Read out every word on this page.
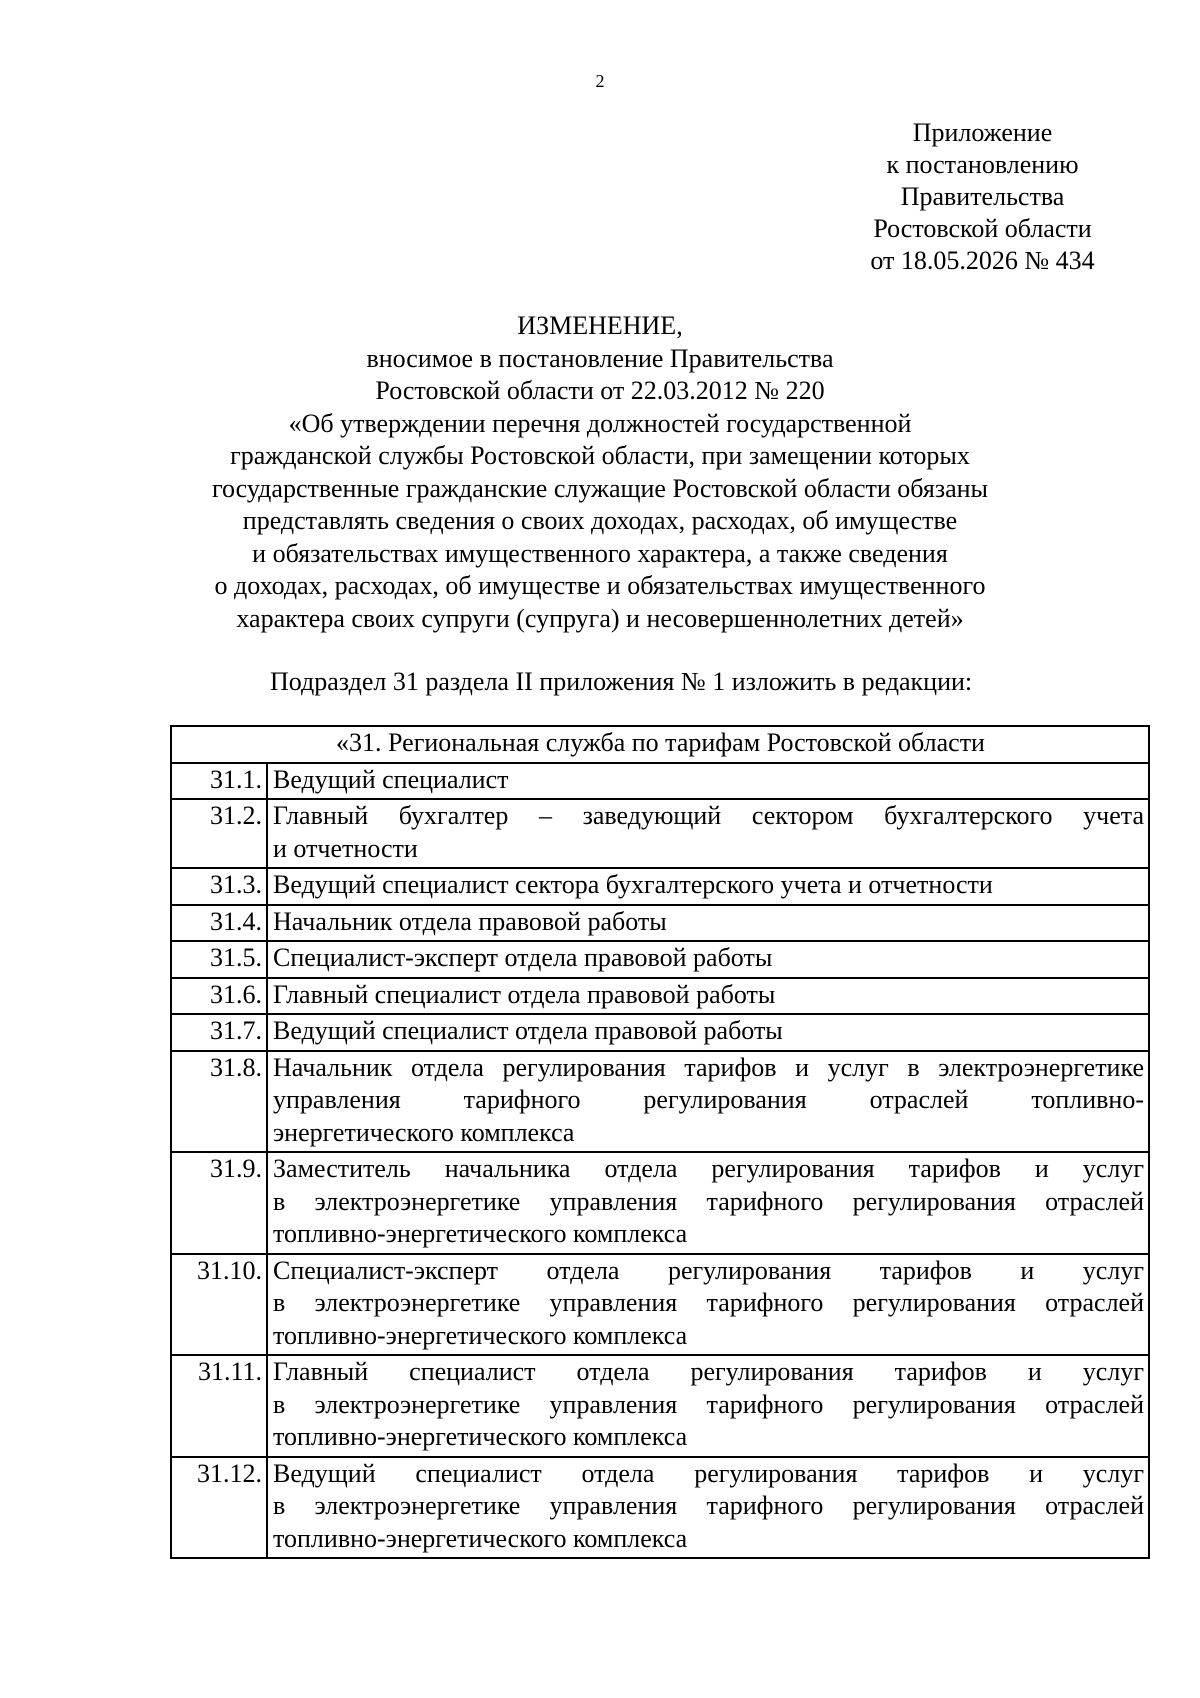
2
Приложение
к постановлению
Правительства
Ростовской области
от 18.05.2026 № 434
ИЗМЕНЕНИЕ,
вносимое в постановление Правительства
Ростовской области от 22.03.2012 № 220
«Об утверждении перечня должностей государственной
гражданской службы Ростовской области, при замещении которых
государственные гражданские служащие Ростовской области обязаны
представлять сведения о своих доходах, расходах, об имуществе
и обязательствах имущественного характера, а также сведения
о доходах, расходах, об имуществе и обязательствах имущественного
характера своих супруги (супруга) и несовершеннолетних детей»
Подраздел 31 раздела II приложения № 1 изложить в редакции:
«31. Региональная служба по тарифам Ростовской области	
31.1.	Ведущий специалист

31.2.	Главный бухгалтер – заведующий сектором бухгалтерского учета
и отчетности

31.3.	Ведущий специалист сектора бухгалтерского учета и отчетности

31.4.	Начальник отдела правовой работы

31.5.	Специалист-эксперт отдела правовой работы

31.6.	Главный специалист отдела правовой работы

31.7.	Ведущий специалист отдела правовой работы

31.8.	Начальник отдела регулирования тарифов и услуг в электроэнергетике
управления тарифного регулирования отраслей топливно-
энергетического комплекса

31.9.	Заместитель начальника отдела регулирования тарифов и услуг
в электроэнергетике управления тарифного регулирования отраслей
топливно-энергетического комплекса

31.10.	Специалист-эксперт отдела регулирования тарифов и услуг
в электроэнергетике управления тарифного регулирования отраслей
топливно-энергетического комплекса

31.11.	Главный специалист отдела регулирования тарифов и услуг
в электроэнергетике управления тарифного регулирования отраслей
топливно-энергетического комплекса

31.12.	Ведущий специалист отдела регулирования тарифов и услуг
в электроэнергетике управления тарифного регулирования отраслей
топливно-энергетического комплекса
